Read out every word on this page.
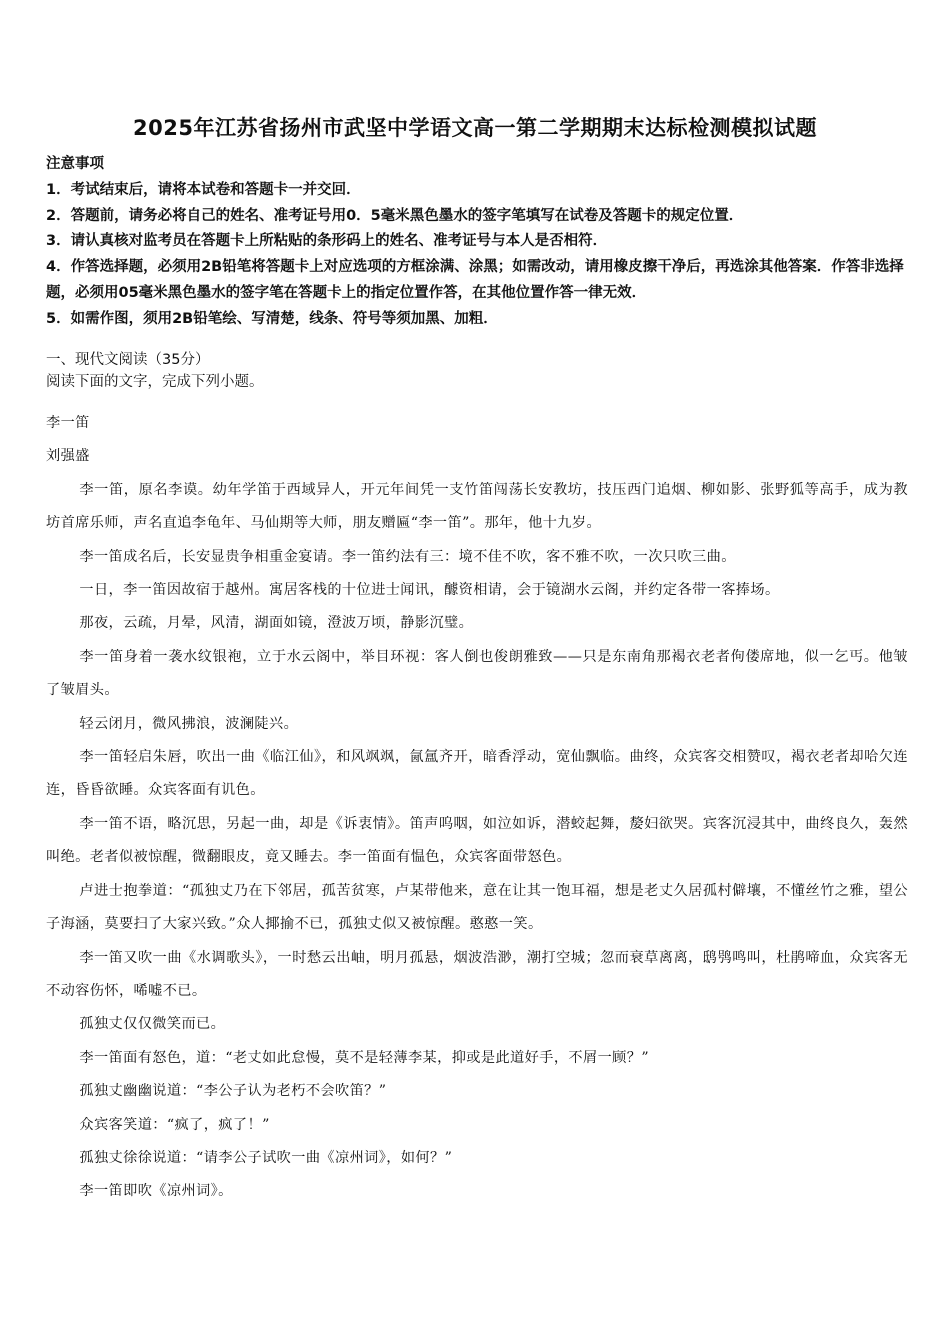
2025年江苏省扬州市武坚中学语文高一第二学期期末达标检测模拟试题

注意事项

1．考试结束后，请将本试卷和答题卡一并交回．

2．答题前，请务必将自己的姓名、准考证号用0．5毫米黑色墨水的签字笔填写在试卷及答题卡的规定位置．

3．请认真核对监考员在答题卡上所粘贴的条形码上的姓名、准考证号与本人是否相符．

4．作答选择题，必须用2B铅笔将答题卡上对应选项的方框涂满、涂黑；如需改动，请用橡皮擦干净后，再选涂其他答案．作答非选择题，必须用05毫米黑色墨水的签字笔在答题卡上的指定位置作答，在其他位置作答一律无效．

5．如需作图，须用2B铅笔绘、写清楚，线条、符号等须加黑、加粗．

一、现代文阅读（35分）

阅读下面的文字，完成下列小题。

李一笛

刘强盛

李一笛，原名李谟。幼年学笛于西域异人，开元年间凭一支竹笛闯荡长安教坊，技压西门追烟、柳如影、张野狐等高手，成为教坊首席乐师，声名直追李龟年、马仙期等大师，朋友赠匾“李一笛”。那年，他十九岁。

李一笛成名后，长安显贵争相重金宴请。李一笛约法有三：境不佳不吹，客不雅不吹，一次只吹三曲。

一日，李一笛因故宿于越州。寓居客栈的十位进士闻讯，醵资相请，会于镜湖水云阁，并约定各带一客捧场。

那夜，云疏，月晕，风清，湖面如镜，澄波万顷，静影沉璧。

李一笛身着一袭水纹银袍，立于水云阁中，举目环视：客人倒也俊朗雅致——只是东南角那褐衣老者佝偻席地，似一乞丐。他皱了皱眉头。

轻云闭月，微风拂浪，波澜陡兴。

李一笛轻启朱唇，吹出一曲《临江仙》，和风飒飒，氤氲齐开，暗香浮动，宽仙飘临。曲终，众宾客交相赞叹，褐衣老者却哈欠连连，昏昏欲睡。众宾客面有讥色。

李一笛不语，略沉思，另起一曲，却是《诉衷情》。笛声呜咽，如泣如诉，潜蛟起舞，嫠妇欲哭。宾客沉浸其中，曲终良久，轰然叫绝。老者似被惊醒，微翻眼皮，竟又睡去。李一笛面有愠色，众宾客面带怒色。

卢进士抱拳道：“孤独丈乃在下邻居，孤苦贫寒，卢某带他来，意在让其一饱耳福，想是老丈久居孤村僻壤，不懂丝竹之雅，望公子海涵，莫要扫了大家兴致。”众人揶揄不已，孤独丈似又被惊醒。憨憨一笑。

李一笛又吹一曲《水调歌头》，一时愁云出岫，明月孤悬，烟波浩渺，潮打空城；忽而衰草离离，鸱鸮鸣叫，杜鹃啼血，众宾客无不动容伤怀，唏嘘不已。

孤独丈仅仅微笑而已。

李一笛面有怒色，道：“老丈如此怠慢，莫不是轻薄李某，抑或是此道好手，不屑一顾？”

孤独丈幽幽说道：“李公子认为老朽不会吹笛？”

众宾客笑道：“疯了，疯了！”

孤独丈徐徐说道：“请李公子试吹一曲《凉州词》，如何？”

李一笛即吹《凉州词》。
